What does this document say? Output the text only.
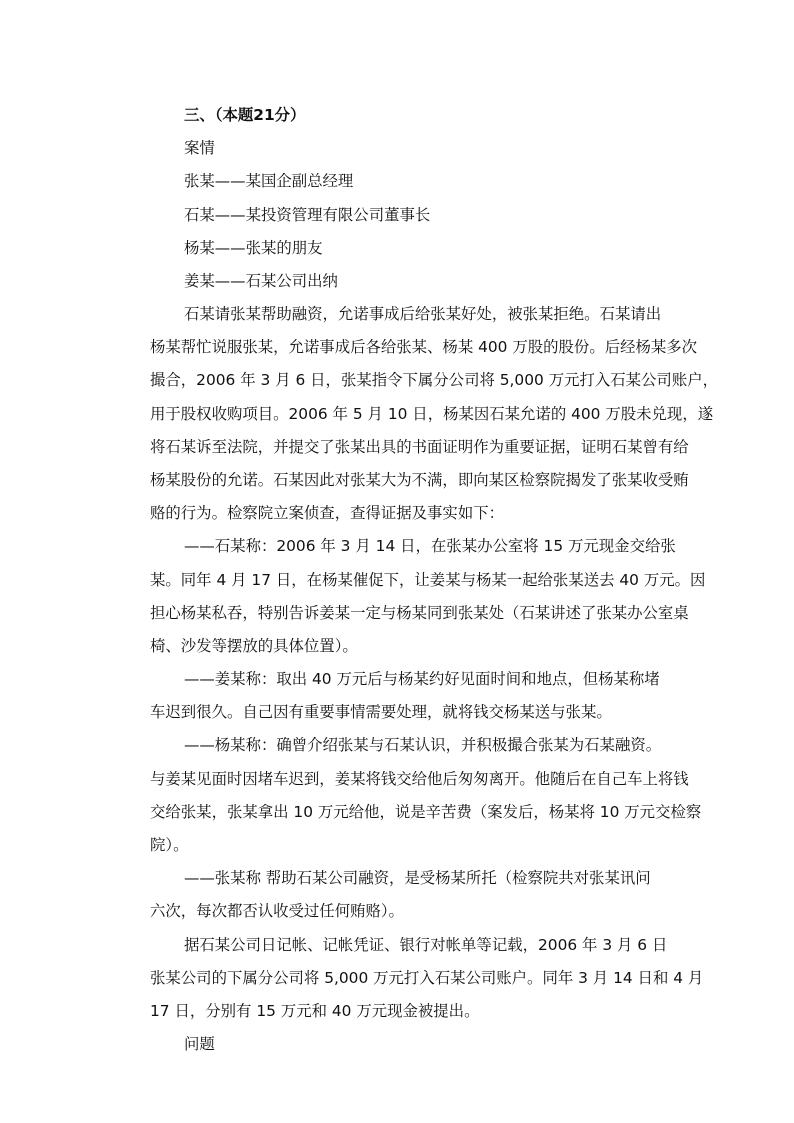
三、（本题21分）
案情
张某——某国企副总经理
石某——某投资管理有限公司董事长
杨某——张某的朋友
姜某——石某公司出纳
石某请张某帮助融资，允诺事成后给张某好处，被张某拒绝。石某请出
杨某帮忙说服张某，允诺事成后各给张某、杨某 400 万股的股份。后经杨某多次
撮合，2006 年 3 月 6 日，张某指令下属分公司将 5,000 万元打入石某公司账户，
用于股权收购项目。2006 年 5 月 10 日，杨某因石某允诺的 400 万股未兑现，遂
将石某诉至法院，并提交了张某出具的书面证明作为重要证据，证明石某曾有给
杨某股份的允诺。石某因此对张某大为不满，即向某区检察院揭发了张某收受贿
赂的行为。检察院立案侦查，查得证据及事实如下：
——石某称：2006 年 3 月 14 日，在张某办公室将 15 万元现金交给张
某。同年 4 月 17 日，在杨某催促下，让姜某与杨某一起给张某送去 40 万元。因
担心杨某私吞，特别告诉姜某一定与杨某同到张某处（石某讲述了张某办公室桌
椅、沙发等摆放的具体位置）。
——姜某称：取出 40 万元后与杨某约好见面时间和地点，但杨某称堵
车迟到很久。自己因有重要事情需要处理，就将钱交杨某送与张某。
——杨某称：确曾介绍张某与石某认识，并积极撮合张某为石某融资。
与姜某见面时因堵车迟到，姜某将钱交给他后匆匆离开。他随后在自己车上将钱
交给张某，张某拿出 10 万元给他，说是辛苦费（案发后，杨某将 10 万元交检察
院）。
——张某称 帮助石某公司融资，是受杨某所托（检察院共对张某讯问
六次，每次都否认收受过任何贿赂）。
据石某公司日记帐、记帐凭证、银行对帐单等记载，2006 年 3 月 6 日
张某公司的下属分公司将 5,000 万元打入石某公司账户。同年 3 月 14 日和 4 月
17 日，分别有 15 万元和 40 万元现金被提出。
问题
